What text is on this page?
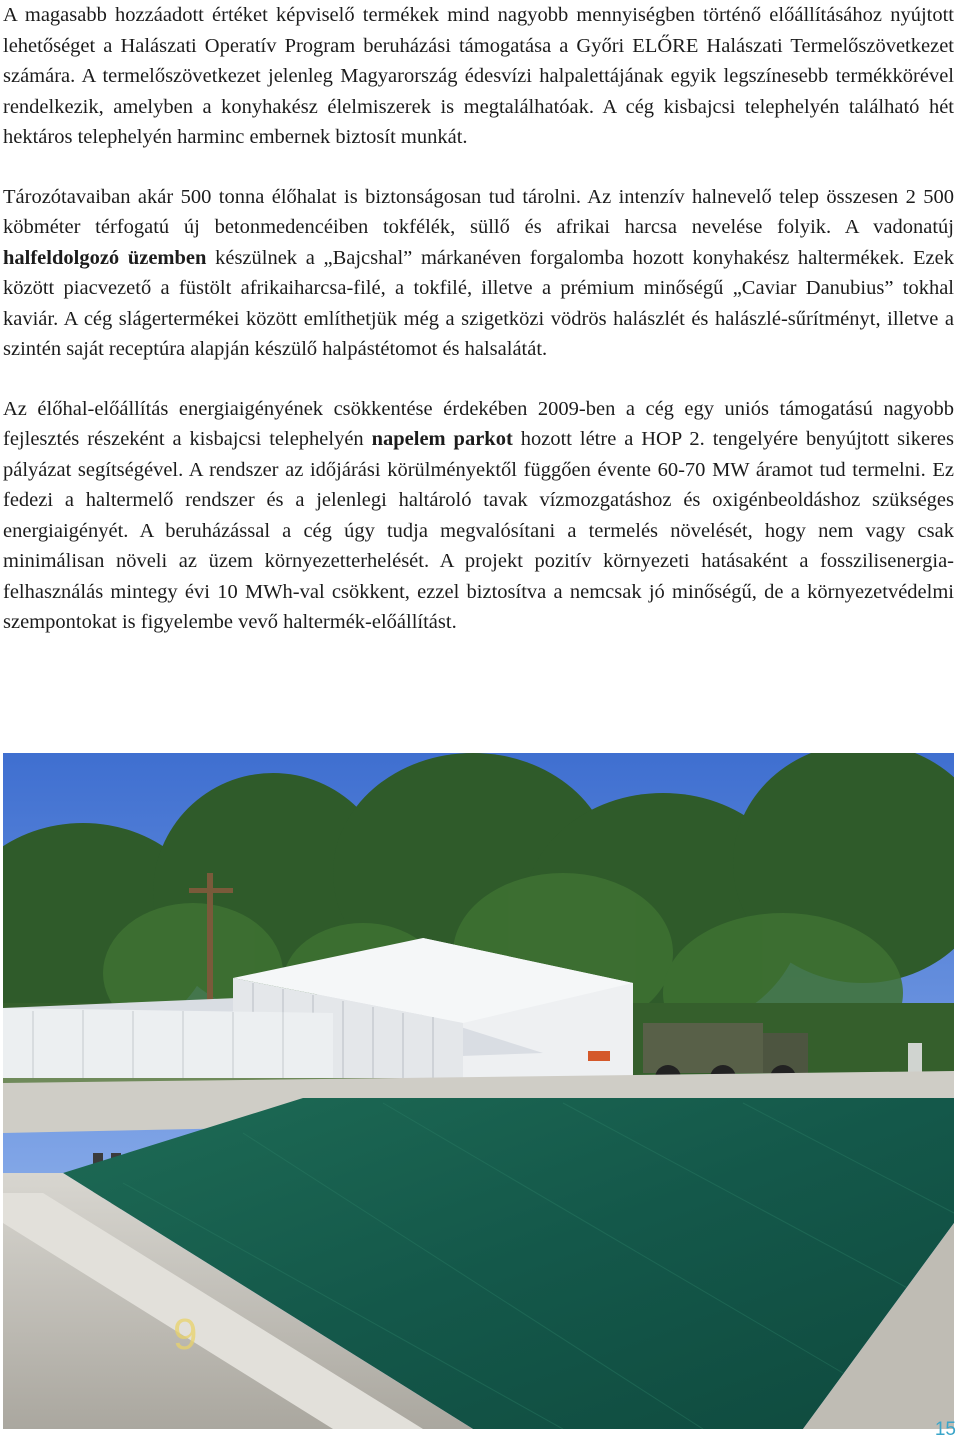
A magasabb hozzáadott értéket képviselő termékek mind nagyobb mennyiségben történő előállításához nyújtott lehetőséget a Halászati Operatív Program beruházási támogatása a Győri ELŐRE Halászati Termelőszövetkezet számára. A termelőszövetkezet jelenleg Magyarország édesvízi halpalettájának egyik legszínesebb termékkörével rendelkezik, amelyben a konyhakész élelmiszerek is megtalálhatóak. A cég kisbajcsi telephelyén található hét hektáros telephelyén harminc embernek biztosít munkát.

Tározótavaiban akár 500 tonna élőhalat is biztonságosan tud tárolni. Az intenzív halnevelő telep összesen 2 500 köbméter térfogatú új betonmedencéiben tokfélék, süllő és afrikai harcsa nevelése folyik. A vadonatúj halfeldolgozó üzemben készülnek a „Bajcshal” márkanéven forgalomba hozott konyhakész haltermékek. Ezek között piacvezető a füstölt afrikaiharcsa-filé, a tokfilé, illetve a prémium minőségű „Caviar Danubius” tokhal kaviár. A cég slágertermékei között említhetjük még a szigetközi vödrös halászlét és halászlé-sűrítményt, illetve a szintén saját receptúra alapján készülő halpástétomot és halsalátát.

Az élőhal-előállítás energiaigényének csökkentése érdekében 2009-ben a cég egy uniós támogatású nagyobb fejlesztés részeként a kisbajcsi telephelyén napelem parkot hozott létre a HOP 2. tengelyére benyújtott sikeres pályázat segítségével. A rendszer az időjárási körülményektől függően évente 60-70 MW áramot tud termelni. Ez fedezi a haltermelő rendszer és a jelenlegi haltároló tavak vízmozgatáshoz és oxigénbeoldáshoz szükséges energiaigényét. A beruházással a cég úgy tudja megvalósítani a termelés növelését, hogy nem vagy csak minimálisan növeli az üzem környezetterhelését. A projekt pozitív környezeti hatásaként a fosszilisenergia-felhasználás mintegy évi 10 MWh-val csökkent, ezzel biztosítva a nemcsak jó minőségű, de a környezetvédelmi szempontokat is figyelembe vevő haltermék-előállítást.

9
15
